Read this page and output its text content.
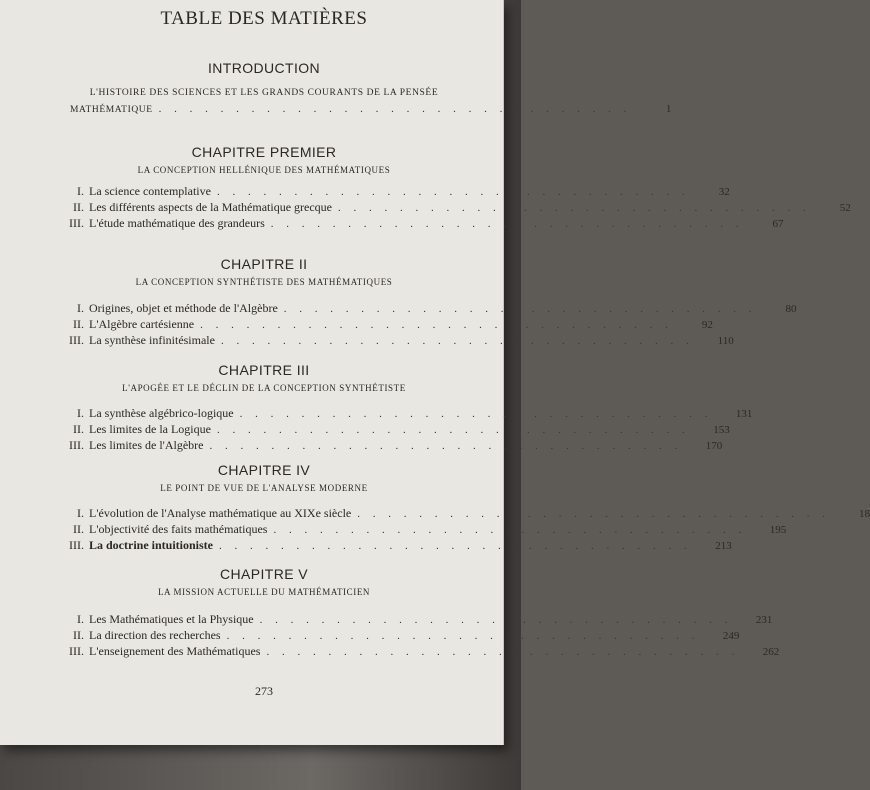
TABLE DES MATIÈRES
INTRODUCTION
L'HISTOIRE DES SCIENCES ET LES GRANDS COURANTS DE LA PENSÉE
MATHÉMATIQUE . . . . . . . . . . . . . . . . . . . . . . . . . . . . . . .	1
CHAPITRE PREMIER
LA CONCEPTION HELLÉNIQUE DES MATHÉMATIQUES
I. La science contemplative . . . . . . . . . . . . . . . . . . . . . . . . . . . . . . .	32
II. Les différents aspects de la Mathématique grecque . . . . . . . . . . . . . . . . . . . . . . . . . . . . . . .	52
III. L'étude mathématique des grandeurs . . . . . . . . . . . . . . . . . . . . . . . . . . . . . . .	67
CHAPITRE II
LA CONCEPTION SYNTHÉTISTE DES MATHÉMATIQUES
I. Origines, objet et méthode de l'Algèbre . . . . . . . . . . . . . . . . . . . . . . . . . . . . . . .	80
II. L'Algèbre cartésienne . . . . . . . . . . . . . . . . . . . . . . . . . . . . . . .	92
III. La synthèse infinitésimale . . . . . . . . . . . . . . . . . . . . . . . . . . . . . . .	110
CHAPITRE III
L'APOGÉE ET LE DÉCLIN DE LA CONCEPTION SYNTHÉTISTE
I. La synthèse algébrico-logique . . . . . . . . . . . . . . . . . . . . . . . . . . . . . . .	131
II. Les limites de la Logique . . . . . . . . . . . . . . . . . . . . . . . . . . . . . . .	153
III. Les limites de l'Algèbre . . . . . . . . . . . . . . . . . . . . . . . . . . . . . . .	170
CHAPITRE IV
LE POINT DE VUE DE L'ANALYSE MODERNE
I. L'évolution de l'Analyse mathématique au XIXe siècle . . . . . . . . . . . . . . . . . . . . . . . . . . . . . . .	18
II. L'objectivité des faits mathématiques . . . . . . . . . . . . . . . . . . . . . . . . . . . . . . .	195
III. La doctrine intuitioniste . . . . . . . . . . . . . . . . . . . . . . . . . . . . . . .	213
CHAPITRE V
LA MISSION ACTUELLE DU MATHÉMATICIEN
I. Les Mathématiques et la Physique . . . . . . . . . . . . . . . . . . . . . . . . . . . . . . .	231
II. La direction des recherches . . . . . . . . . . . . . . . . . . . . . . . . . . . . . . .	249
III. L'enseignement des Mathématiques . . . . . . . . . . . . . . . . . . . . . . . . . . . . . . .	262
273
